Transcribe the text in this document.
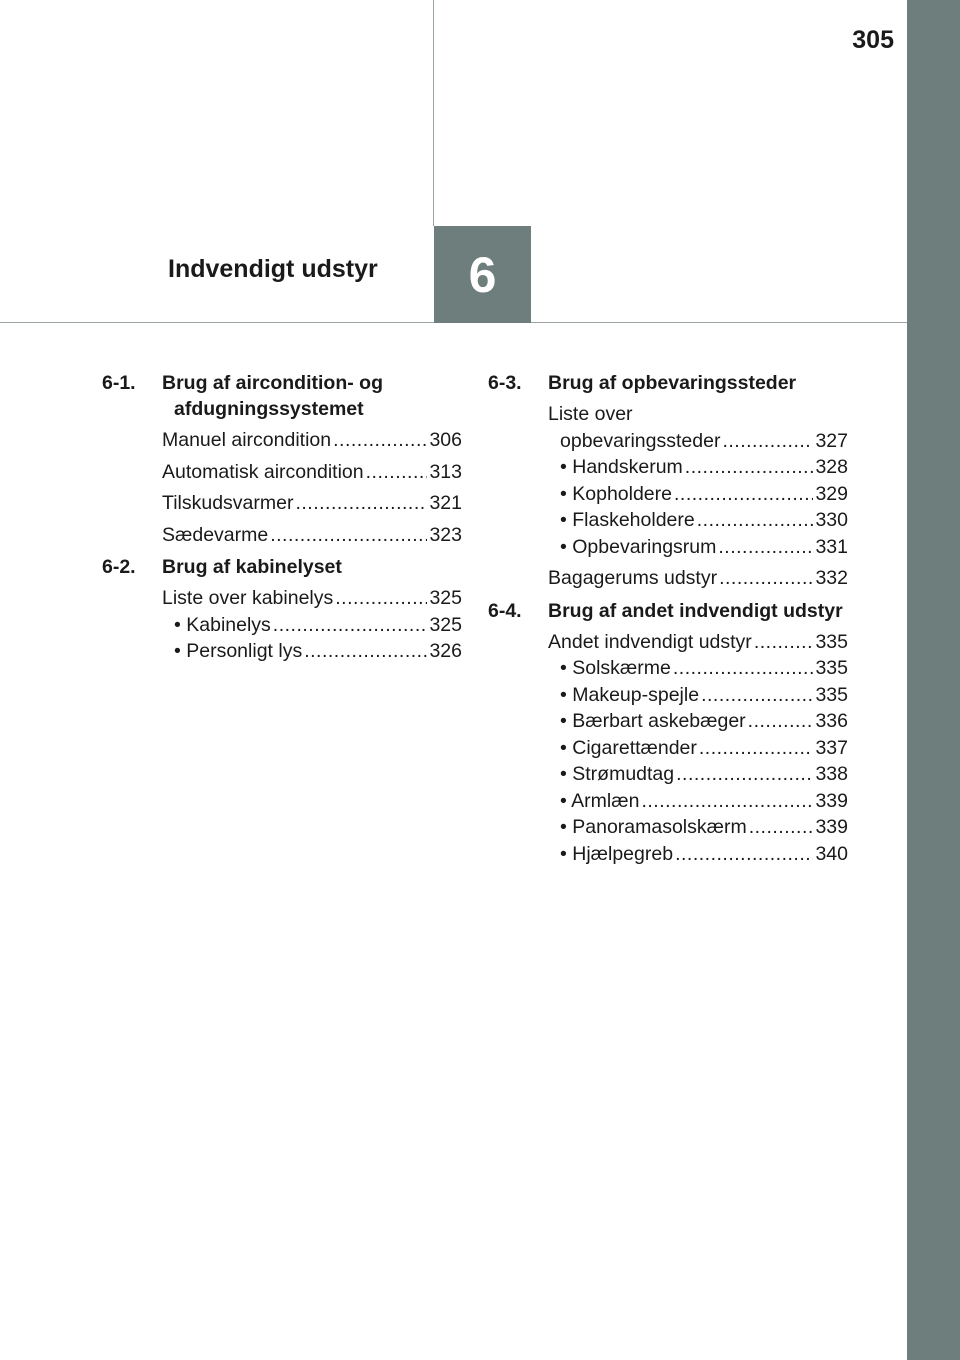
305
Indvendigt udstyr 6
6-1.	Brug af aircondition- og afdugningssystemet
Manuel aircondition .....	306
Automatisk aircondition .....	313
Tilskudsvarmer .....	321
Sædevarme .....	323
6-2.	Brug af kabinelyset
Liste over kabinelys .....	325
• Kabinelys .....	325
• Personligt lys .....	326
6-3.	Brug af opbevaringssteder
Liste over
opbevaringssteder .....	327
• Handskerum .....	328
• Kopholdere .....	329
• Flaskeholdere .....	330
• Opbevaringsrum .....	331
Bagagerums udstyr .....	332
6-4.	Brug af andet indvendigt udstyr
Andet indvendigt udstyr .....	335
• Solskærme .....	335
• Makeup-spejle .....	335
• Bærbart askebæger .....	336
• Cigarettænder .....	337
• Strømudtag .....	338
• Armlæn .....	339
• Panoramasolskærm .....	339
• Hjælpegreb .....	340
